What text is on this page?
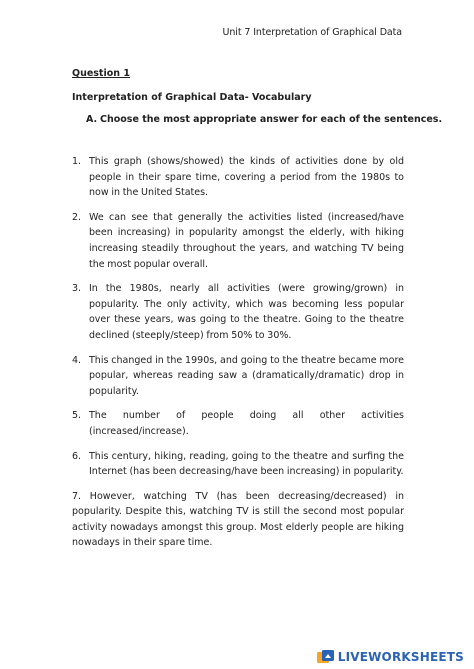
Unit 7 Interpretation of Graphical Data
Question 1
Interpretation of Graphical Data- Vocabulary
A. Choose the most appropriate answer for each of the sentences.
1. This graph (shows/showed) the kinds of activities done by old people in their spare time, covering a period from the 1980s to now in the United States.
2. We can see that generally the activities listed (increased/have been increasing) in popularity amongst the elderly, with hiking increasing steadily throughout the years, and watching TV being the most popular overall.
3. In the 1980s, nearly all activities (were growing/grown) in popularity. The only activity, which was becoming less popular over these years, was going to the theatre. Going to the theatre declined (steeply/steep) from 50% to 30%.
4. This changed in the 1990s, and going to the theatre became more popular, whereas reading saw a (dramatically/dramatic) drop in popularity.
5. The number of people doing all other activities (increased/increase).
6. This century, hiking, reading, going to the theatre and surfing the Internet (has been decreasing/have been increasing) in popularity.
7. However, watching TV (has been decreasing/decreased) in popularity. Despite this, watching TV is still the second most popular activity nowadays amongst this group. Most elderly people are hiking nowadays in their spare time.
LIVEWORKSHEETS
